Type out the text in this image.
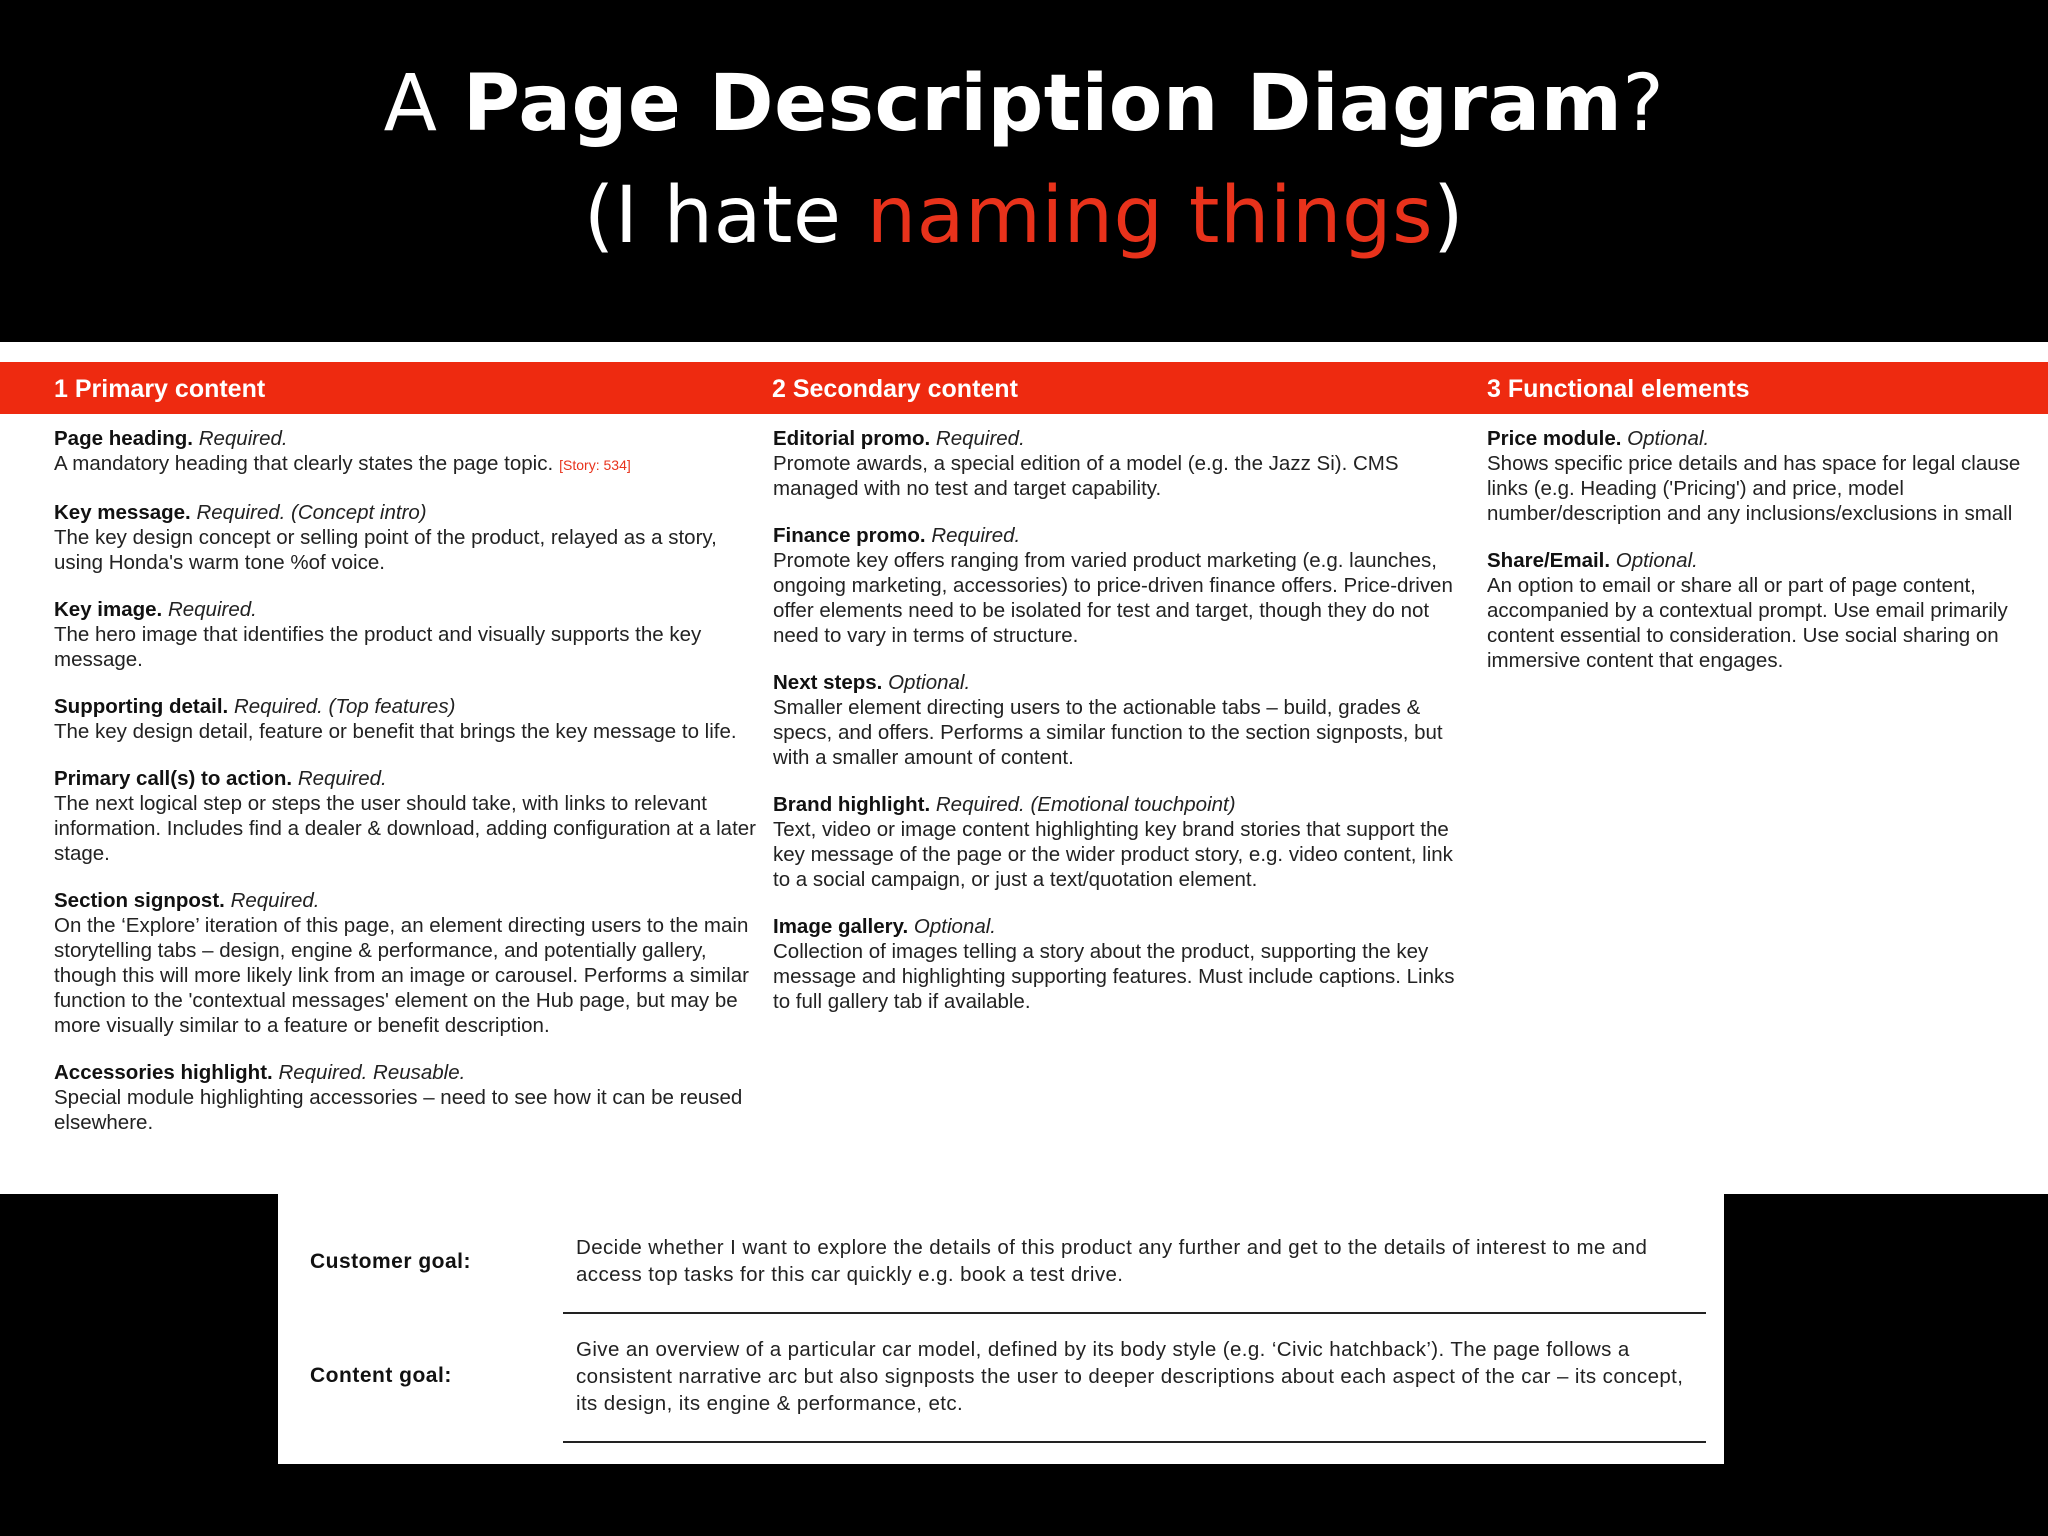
A Page Description Diagram?
(I hate naming things)
1 Primary content	2 Secondary content	3 Functional elements
Page heading. Required.
A mandatory heading that clearly states the page topic. [Story: 534]
Key message. Required. (Concept intro)
The key design concept or selling point of the product, relayed as a story, using Honda's warm tone %of voice.
Key image. Required.
The hero image that identifies the product and visually supports the key message.
Supporting detail. Required. (Top features)
The key design detail, feature or benefit that brings the key message to life.
Primary call(s) to action. Required.
The next logical step or steps the user should take, with links to relevant information. Includes find a dealer & download, adding configuration at a later stage.
Section signpost. Required.
On the ‘Explore’ iteration of this page, an element directing users to the main storytelling tabs – design, engine & performance, and potentially gallery, though this will more likely link from an image or carousel. Performs a similar function to the 'contextual messages' element on the Hub page, but may be more visually similar to a feature or benefit description.
Accessories highlight. Required. Reusable.
Special module highlighting accessories – need to see how it can be reused elsewhere.
Editorial promo. Required.
Promote awards, a special edition of a model (e.g. the Jazz Si). CMS managed with no test and target capability.
Finance promo. Required.
Promote key offers ranging from varied product marketing (e.g. launches, ongoing marketing, accessories) to price-driven finance offers. Price-driven offer elements need to be isolated for test and target, though they do not need to vary in terms of structure.
Next steps. Optional.
Smaller element directing users to the actionable tabs – build, grades & specs, and offers. Performs a similar function to the section signposts, but with a smaller amount of content.
Brand highlight. Required. (Emotional touchpoint)
Text, video or image content highlighting key brand stories that support the key message of the page or the wider product story, e.g. video content, link to a social campaign, or just a text/quotation element.
Image gallery. Optional.
Collection of images telling a story about the product, supporting the key message and highlighting supporting features. Must include captions. Links to full gallery tab if available.
Price module. Optional.
Shows specific price details and has space for legal clause links (e.g. Heading ('Pricing') and price, model number/description and any inclusions/exclusions in small
Share/Email. Optional.
An option to email or share all or part of page content, accompanied by a contextual prompt. Use email primarily content essential to consideration. Use social sharing on immersive content that engages.
Customer goal:
Decide whether I want to explore the details of this product any further and get to the details of interest to me and access top tasks for this car quickly e.g. book a test drive.
Content goal:
Give an overview of a particular car model, defined by its body style (e.g. ‘Civic hatchback’). The page follows a consistent narrative arc but also signposts the user to deeper descriptions about each aspect of the car – its concept, its design, its engine & performance, etc.
